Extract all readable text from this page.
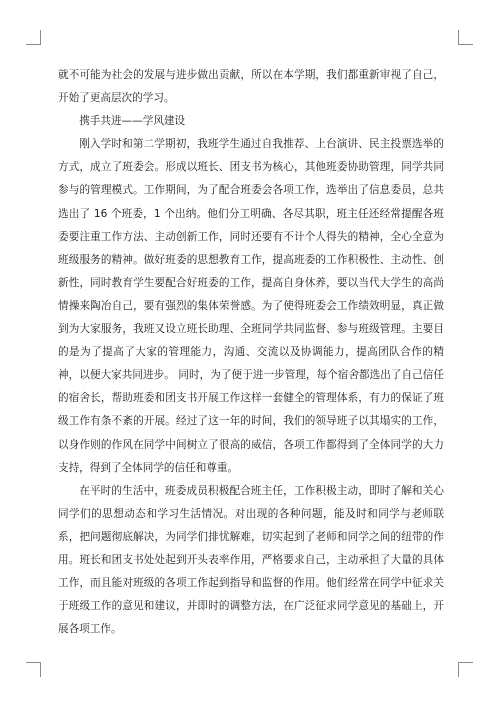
就不可能为社会的发展与进步做出贡献，所以在本学期，我们都重新审视了自己，开始了更高层次的学习。

携手共进——学风建设

刚入学时和第二学期初，我班学生通过自我推荐、上台演讲、民主投票选举的方式，成立了班委会。形成以班长、团支书为核心，其他班委协助管理，同学共同参与的管理模式。工作期间，为了配合班委会各项工作，选举出了信息委员，总共选出了 16 个班委，1 个出纳。他们分工明确、各尽其职，班主任还经常提醒各班委要注重工作方法、主动创新工作，同时还要有不计个人得失的精神，全心全意为班级服务的精神。做好班委的思想教育工作，提高班委的工作积极性、主动性、创新性，同时教育学生要配合好班委的工作，提高自身休养，要以当代大学生的高尚情操来陶冶自己，要有强烈的集体荣誉感。为了使得班委会工作绩效明显，真正做到为大家服务，我班又设立班长助理、全班同学共同监督、参与班级管理。主要目的是为了提高了大家的管理能力，沟通、交流以及协调能力，提高团队合作的精神，以便大家共同进步。 同时，为了便于进一步管理，每个宿舍都选出了自己信任的宿舍长，帮助班委和团支书开展工作这样一套健全的管理体系，有力的保证了班级工作有条不紊的开展。经过了这一年的时间，我们的领导班子以其塌实的工作，以身作则的作风在同学中间树立了很高的威信，各项工作都得到了全体同学的大力支持，得到了全体同学的信任和尊重。

在平时的生活中，班委成员积极配合班主任，工作积极主动，即时了解和关心同学们的思想动态和学习生活情况。对出现的各种问题，能及时和同学与老师联系，把问题彻底解决，为同学们排忧解难，切实起到了老师和同学之间的纽带的作用。班长和团支书处处起到开头表率作用，严格要求自己，主动承担了大量的具体工作，而且能对班级的各项工作起到指导和监督的作用。他们经常在同学中征求关于班级工作的意见和建议，并即时的调整方法，在广泛征求同学意见的基础上，开展各项工作。
